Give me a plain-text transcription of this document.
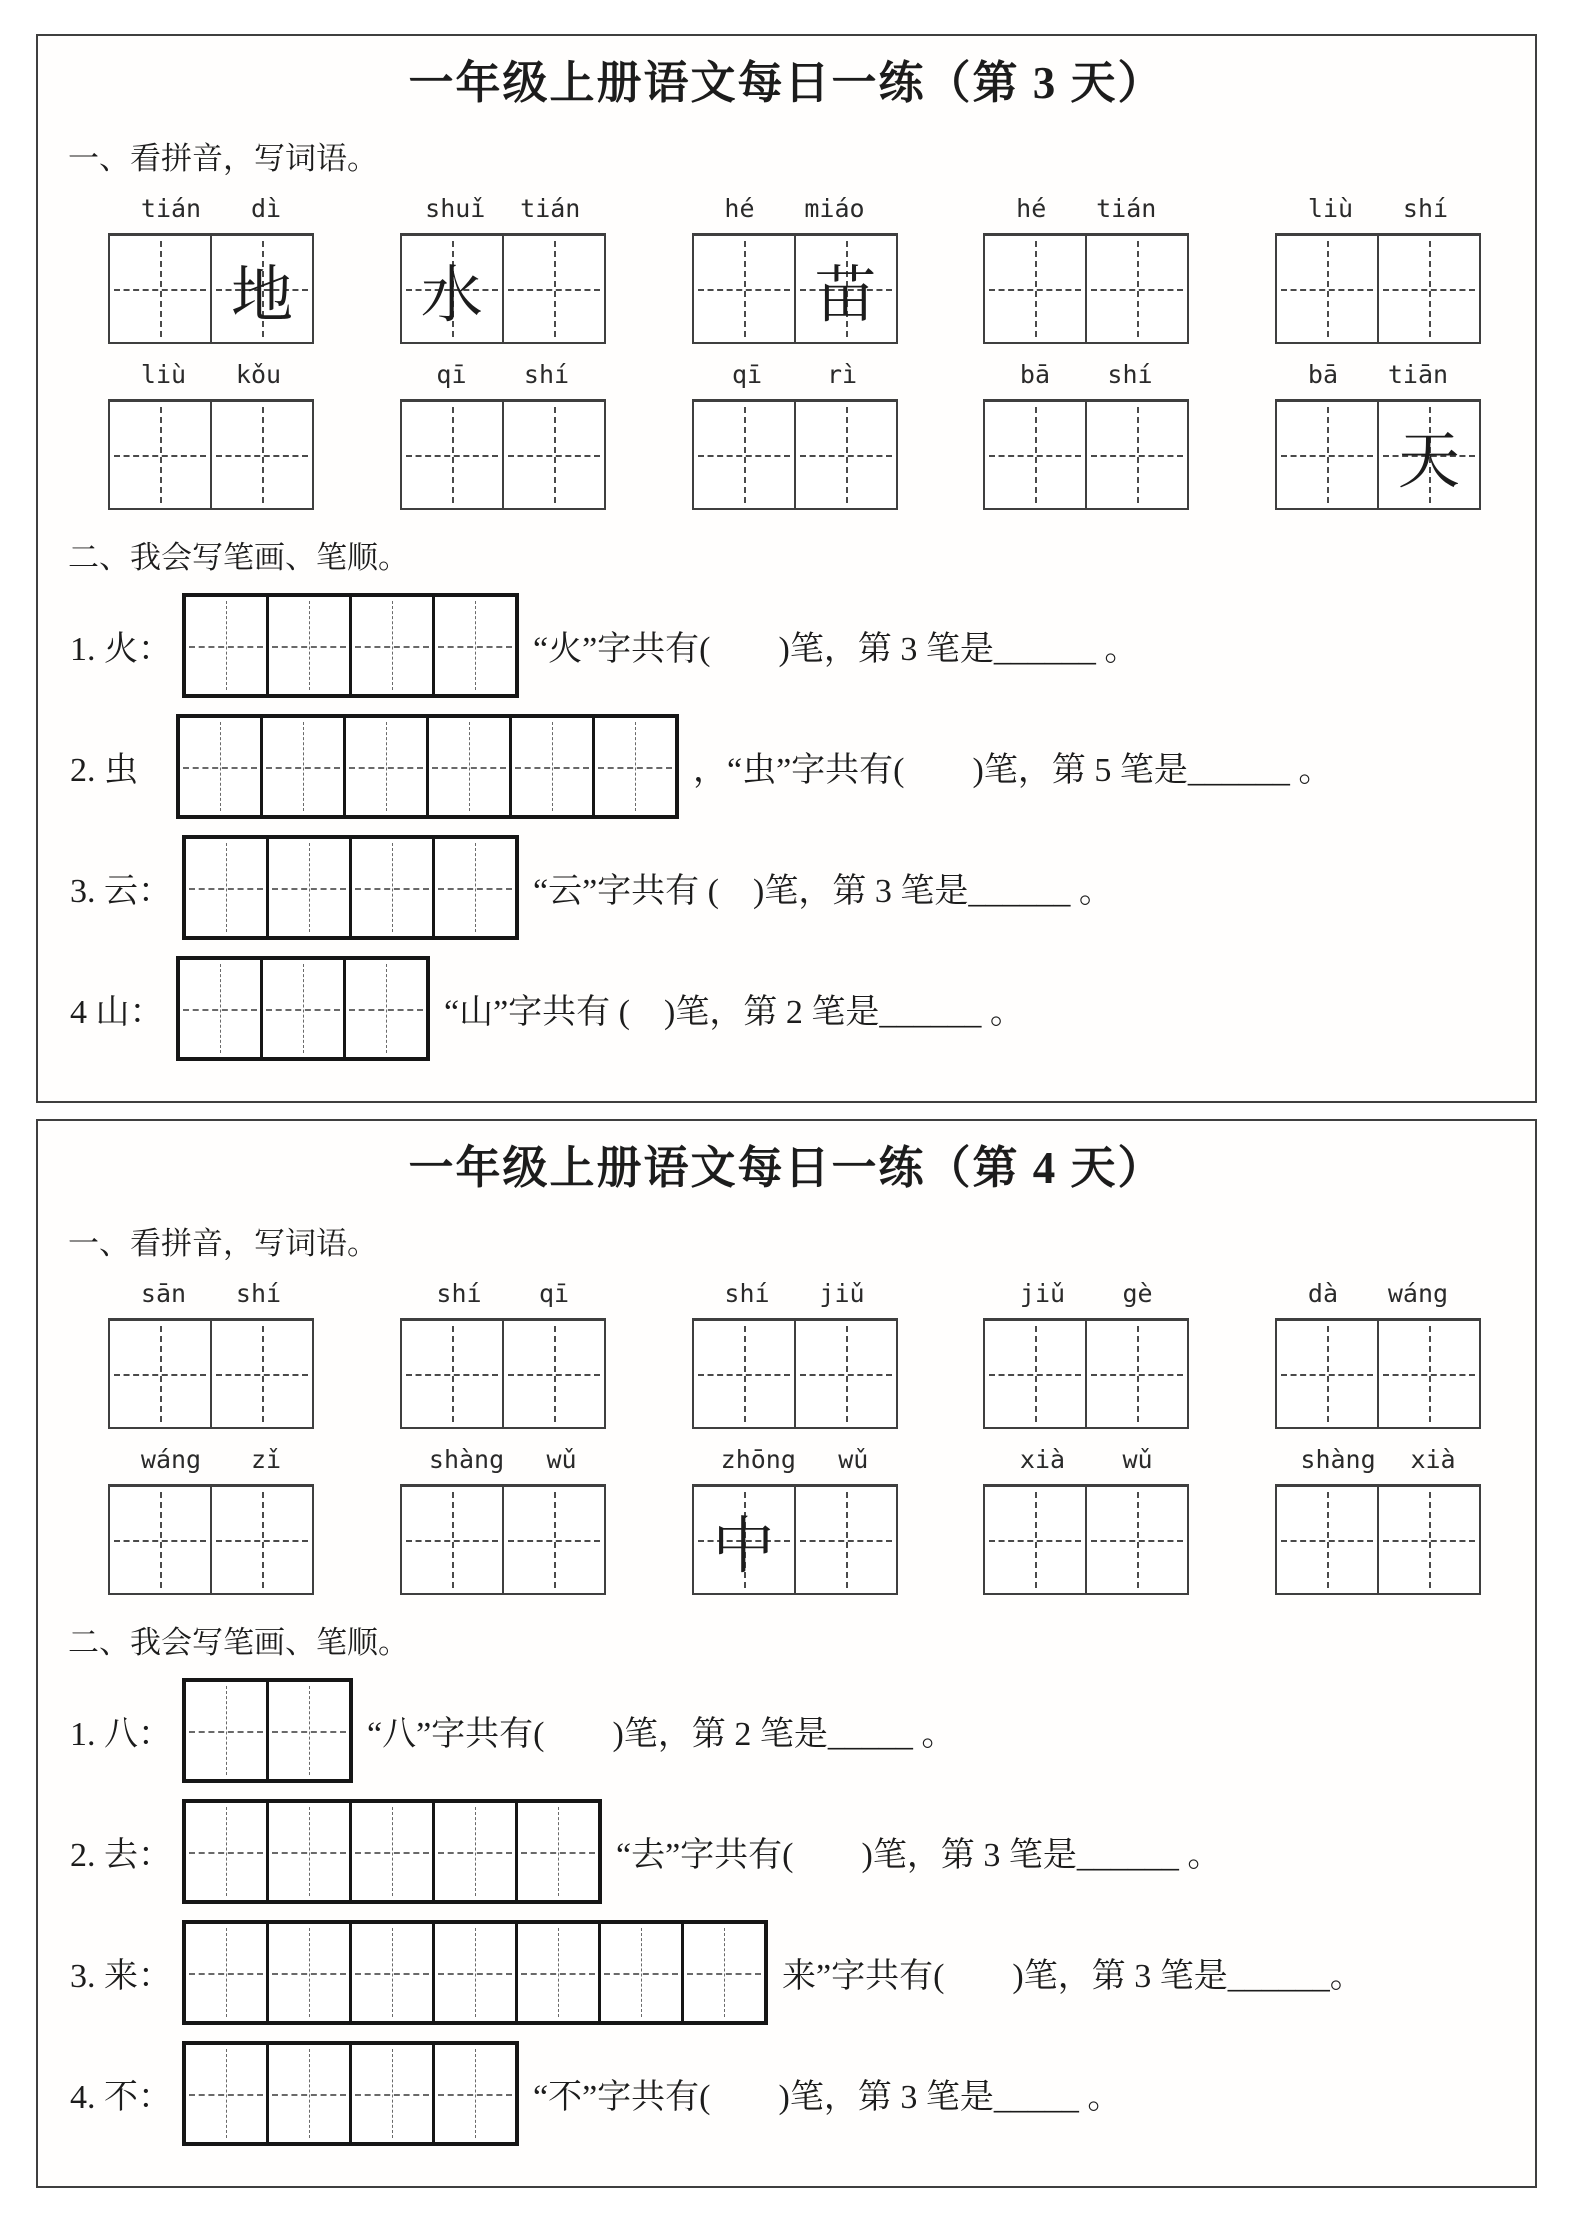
一年级上册语文每日一练（第 3 天）
一、看拼音，写词语。
tián dì
地
shuǐ tián
水
hé miáo
苗
hé tián	liù shí
liù kǒu	qī shí	qī	rì	bā shí	bā tiān
天
二、我会写笔画、笔顺。
1. 火：	“火”字共有(　　)笔，第 3 笔是______ 。
2. 虫	，“虫”字共有(　　)笔，第 5 笔是______ 。
3. 云：	“云”字共有 (　)笔，第 3 笔是______ 。
4 山：	“山”字共有 (　)笔，第 2 笔是______ 。
一年级上册语文每日一练（第 4 天）
一、看拼音，写词语。
sān shí	shí qī	shí jiǔ	jiǔ gè	dà wáng
wáng zǐ	shàng wǔ	zhōng wǔ
中
xià wǔ	shàng xià
二、我会写笔画、笔顺。
1. 八：	“八”字共有(　　)笔，第 2 笔是_____ 。
2. 去：	“去”字共有(　　)笔，第 3 笔是______ 。
3. 来：	来”字共有(　　)笔，第 3 笔是______。
4. 不：	“不”字共有(　　)笔，第 3 笔是_____ 。
